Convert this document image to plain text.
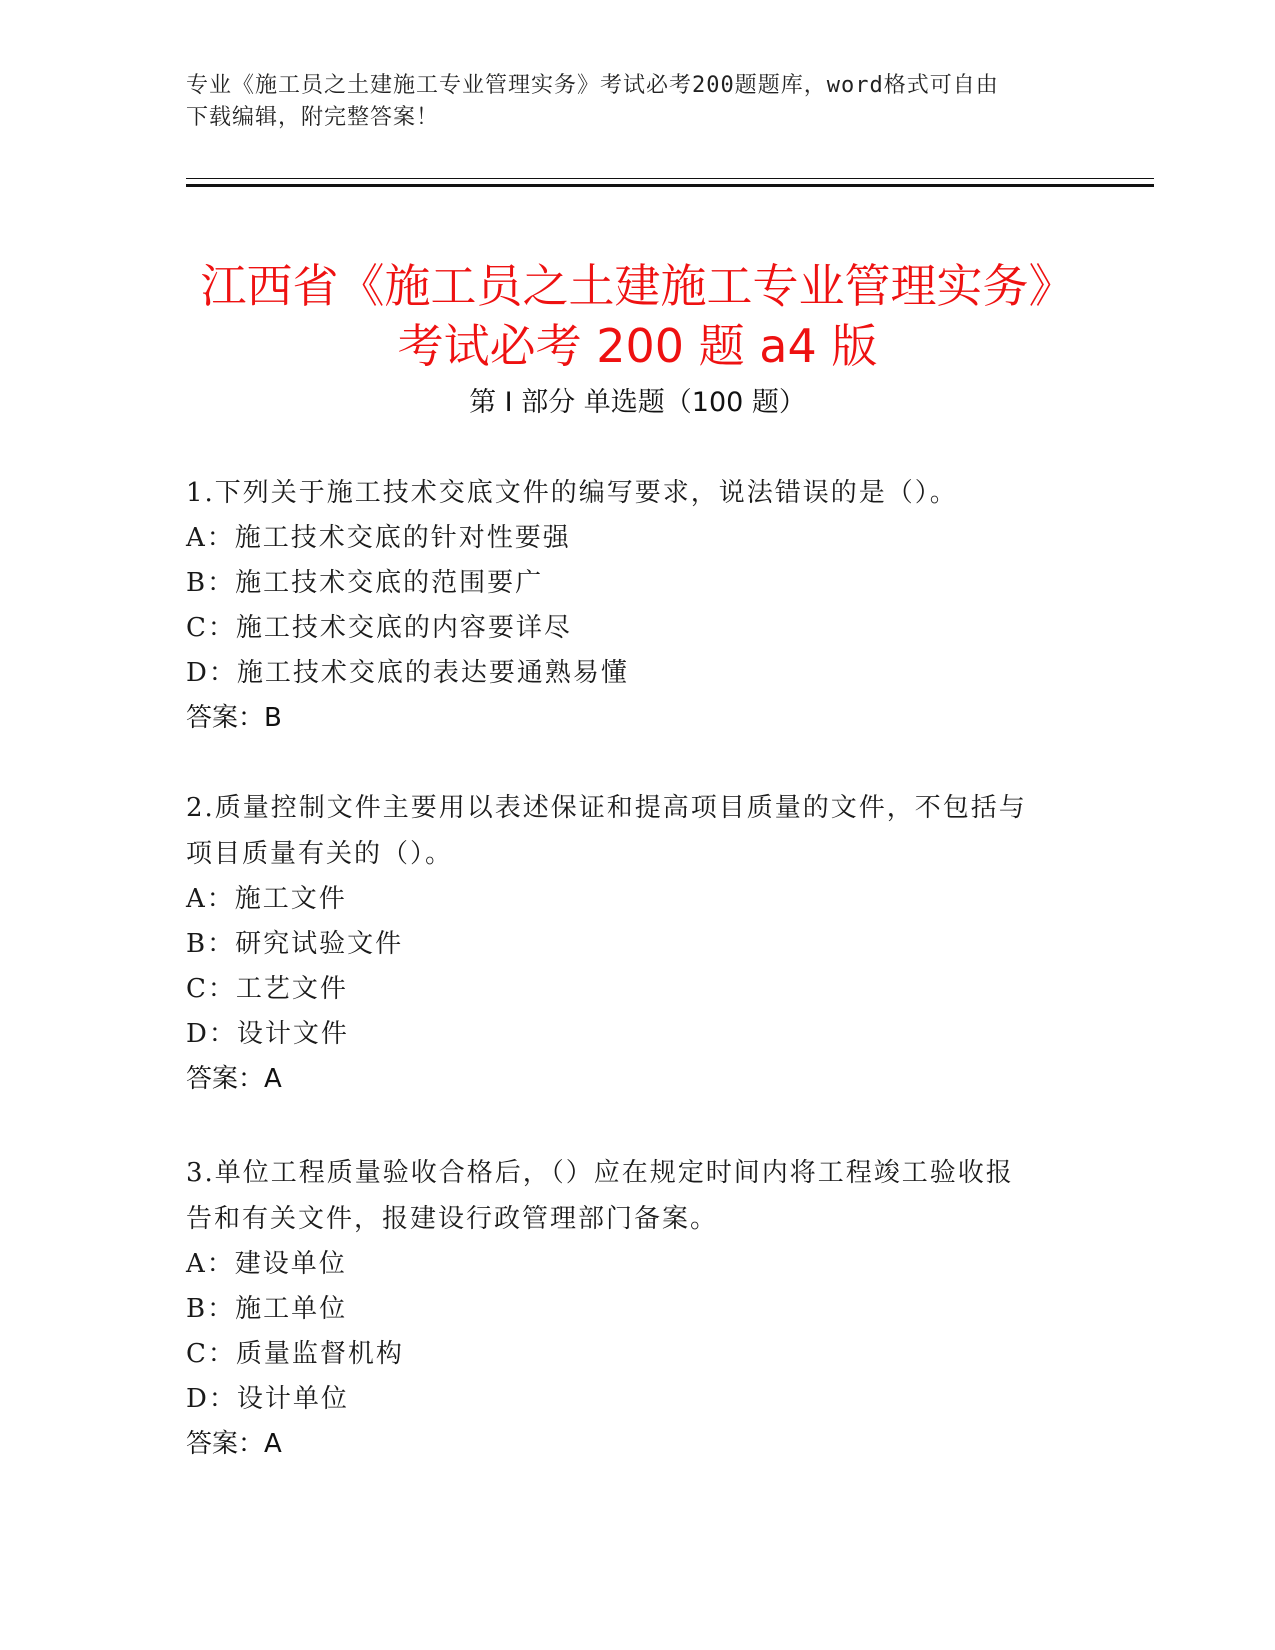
专业《施工员之土建施工专业管理实务》考试必考200题题库，word格式可自由
下载编辑，附完整答案！
江西省《施工员之土建施工专业管理实务》
考试必考 200 题 a4 版
第 I 部分 单选题（100 题）
1.下列关于施工技术交底文件的编写要求，说法错误的是（）。
A：施工技术交底的针对性要强
B：施工技术交底的范围要广
C：施工技术交底的内容要详尽
D：施工技术交底的表达要通熟易懂
答案：B
2.质量控制文件主要用以表述保证和提高项目质量的文件，不包括与
项目质量有关的（）。
A：施工文件
B：研究试验文件
C：工艺文件
D：设计文件
答案：A
3.单位工程质量验收合格后，（）应在规定时间内将工程竣工验收报
告和有关文件，报建设行政管理部门备案。
A：建设单位
B：施工单位
C：质量监督机构
D：设计单位
答案：A
